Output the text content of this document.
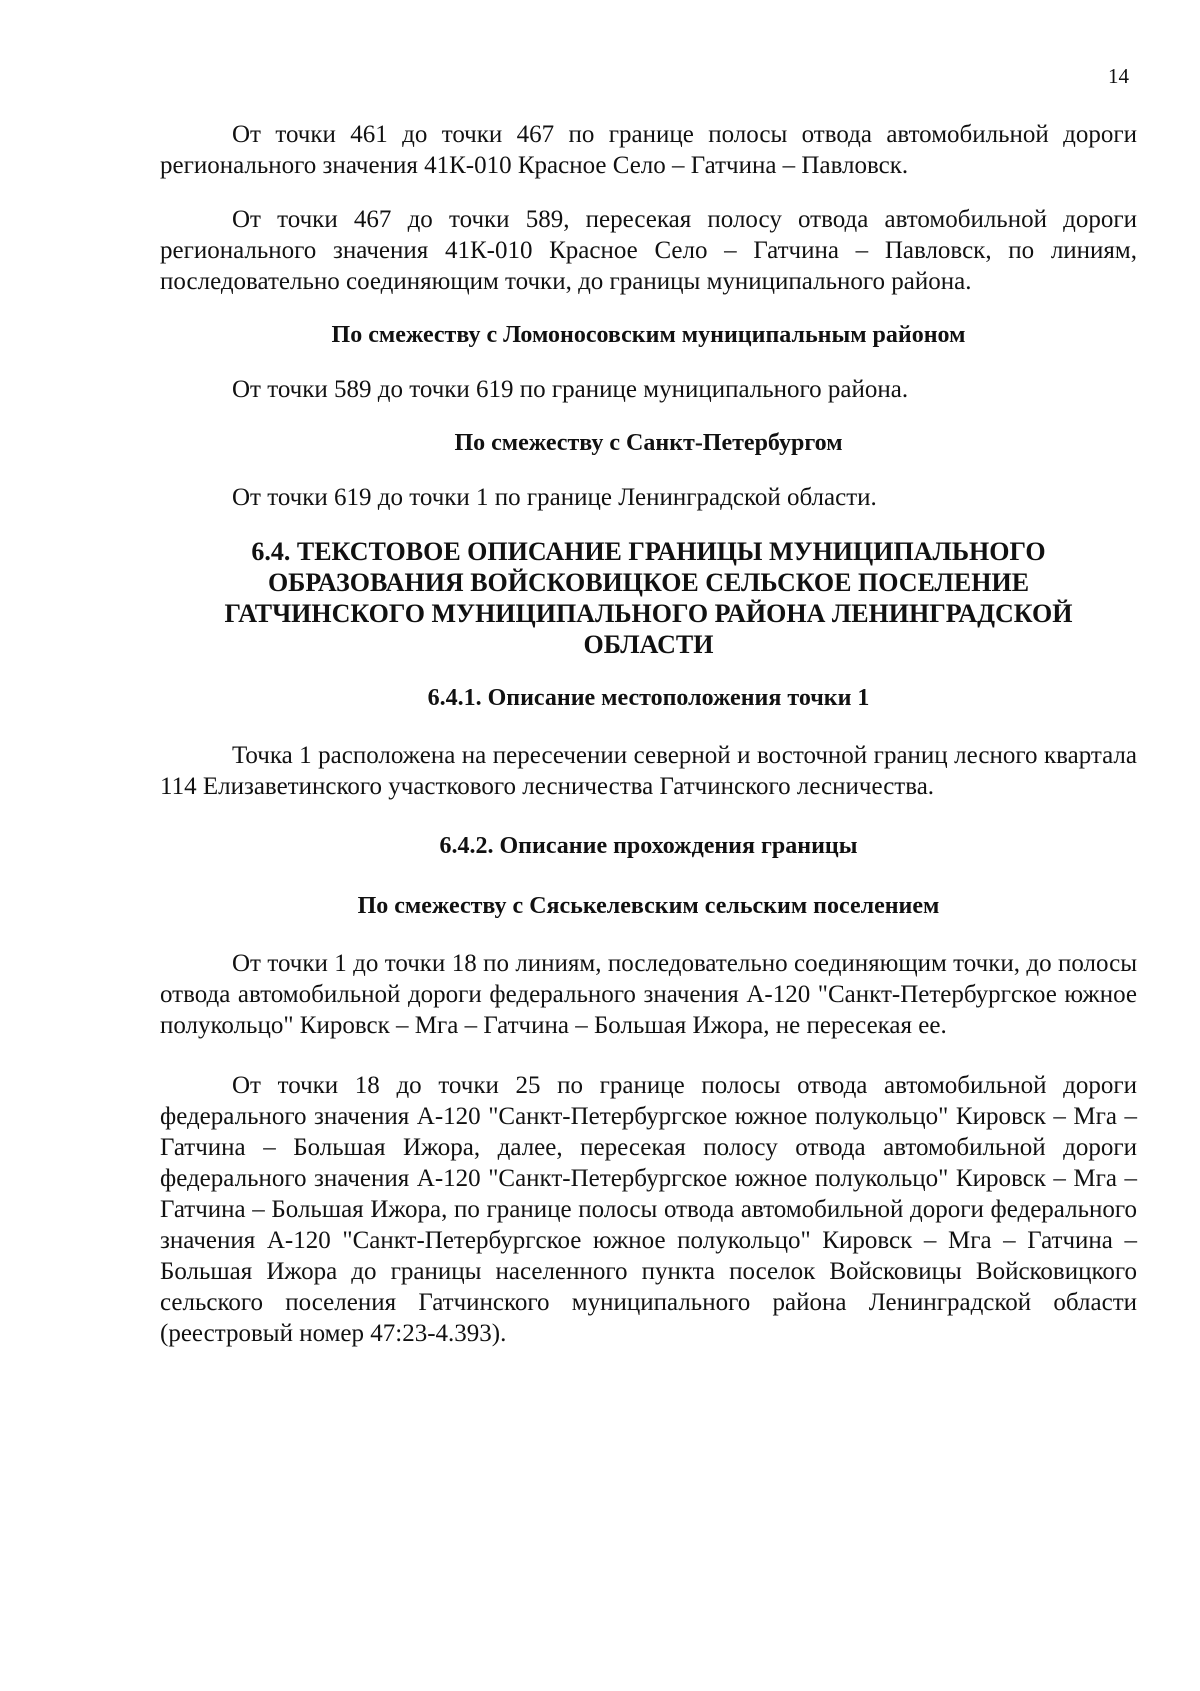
14

От точки 461 до точки 467 по границе полосы отвода автомобильной дороги регионального значения 41К-010 Красное Село – Гатчина – Павловск.

От точки 467 до точки 589, пересекая полосу отвода автомобильной дороги регионального значения 41К-010 Красное Село – Гатчина – Павловск, по линиям, последовательно соединяющим точки, до границы муниципального района.

По смежеству с Ломоносовским муниципальным районом

От точки 589 до точки 619 по границе муниципального района.

По смежеству с Санкт-Петербургом

От точки 619 до точки 1 по границе Ленинградской области.

6.4. ТЕКСТОВОЕ ОПИСАНИЕ ГРАНИЦЫ МУНИЦИПАЛЬНОГО ОБРАЗОВАНИЯ ВОЙСКОВИЦКОЕ СЕЛЬСКОЕ ПОСЕЛЕНИЕ ГАТЧИНСКОГО МУНИЦИПАЛЬНОГО РАЙОНА ЛЕНИНГРАДСКОЙ ОБЛАСТИ
6.4.1. Описание местоположения точки 1

Точка 1 расположена на пересечении северной и восточной границ лесного квартала 114 Елизаветинского участкового лесничества Гатчинского лесничества.

6.4.2. Описание прохождения границы
По смежеству с Сяськелевским сельским поселением

От точки 1 до точки 18 по линиям, последовательно соединяющим точки, до полосы отвода автомобильной дороги федерального значения А-120 "Санкт-Петербургское южное полукольцо" Кировск – Мга – Гатчина – Большая Ижора, не пересекая ее.

От точки 18 до точки 25 по границе полосы отвода автомобильной дороги федерального значения А-120 "Санкт-Петербургское южное полукольцо" Кировск – Мга – Гатчина – Большая Ижора, далее, пересекая полосу отвода автомобильной дороги федерального значения А-120 "Санкт-Петербургское южное полукольцо" Кировск – Мга – Гатчина – Большая Ижора, по границе полосы отвода автомобильной дороги федерального значения А-120 "Санкт-Петербургское южное полукольцо" Кировск – Мга – Гатчина – Большая Ижора до границы населенного пункта поселок Войсковицы Войсковицкого сельского поселения Гатчинского муниципального района Ленинградской области (реестровый номер 47:23-4.393).
